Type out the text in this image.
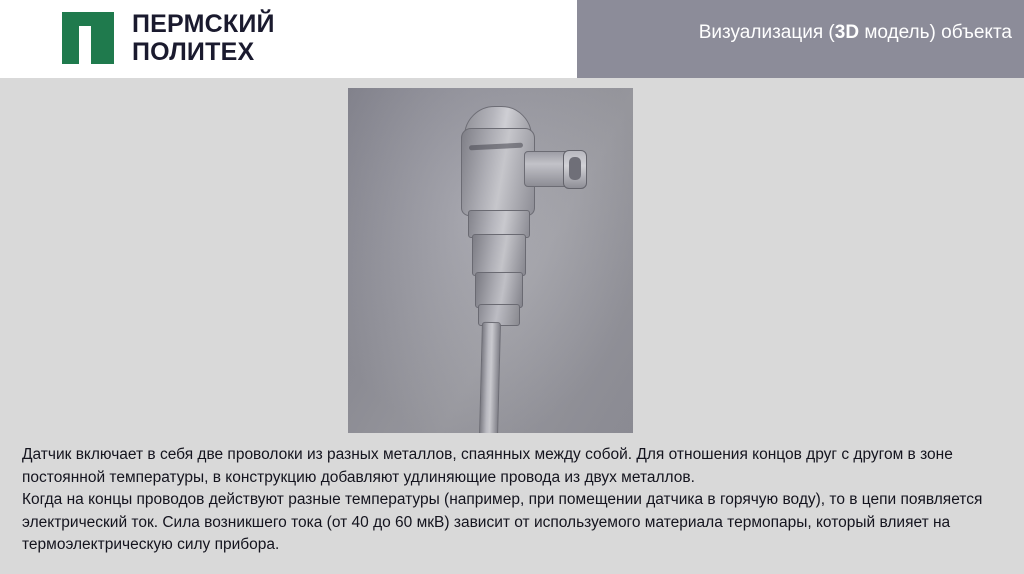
ПЕРМСКИЙ
ПОЛИТЕХ
Визуализация (3D модель) объекта

Датчик включает в себя две проволоки из разных металлов, спаянных между собой. Для отношения концов друг с другом в зоне постоянной температуры, в конструкцию добавляют удлиняющие провода из двух металлов.

Когда на концы проводов действуют разные температуры (например, при помещении датчика в горячую воду), то в цепи появляется электрический ток. Сила возникшего тока (от 40 до 60 мкВ) зависит от используемого материала термопары, который влияет на термоэлектрическую силу прибора.
